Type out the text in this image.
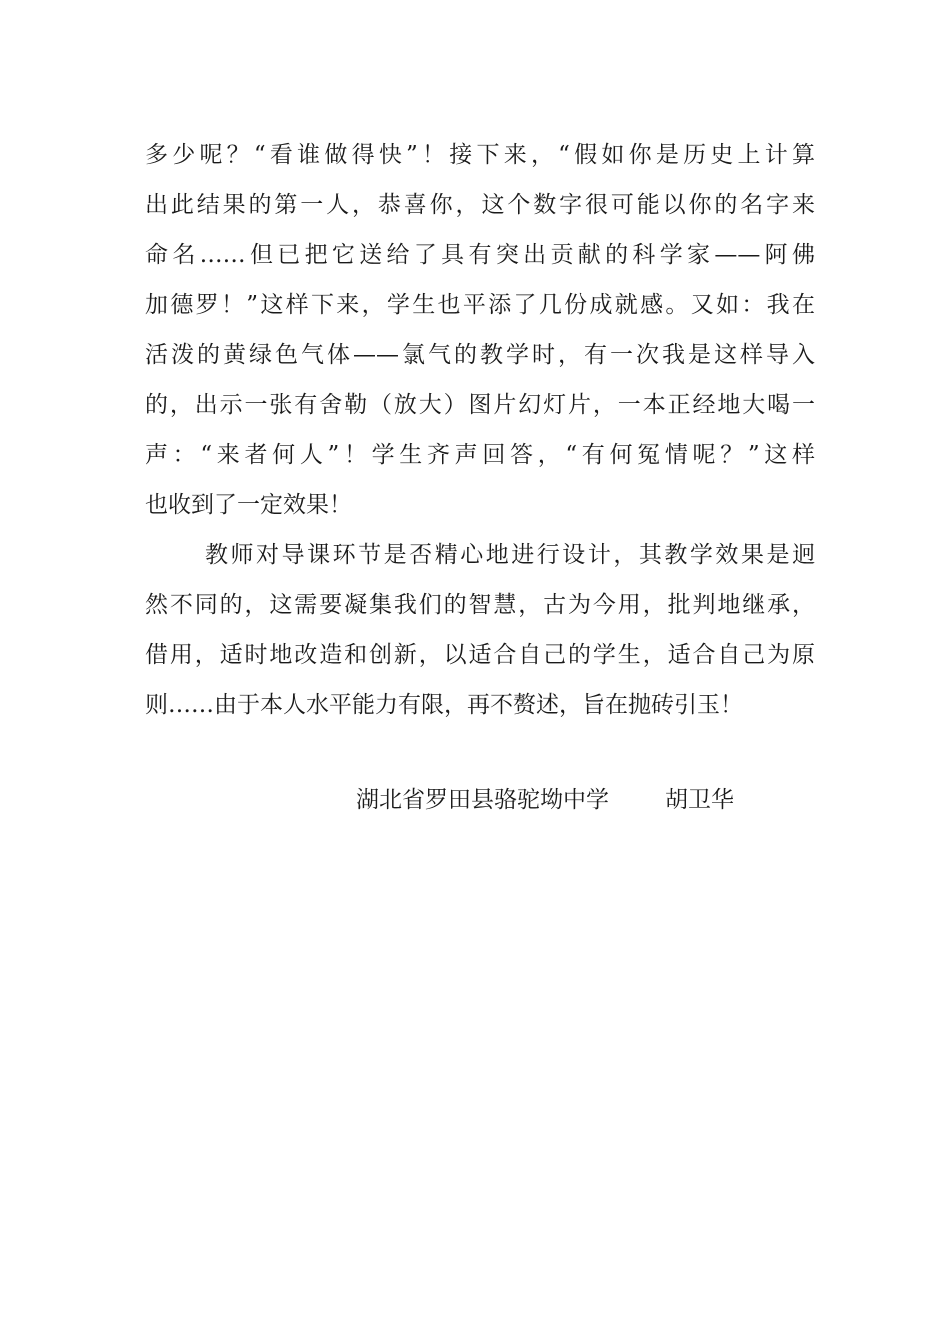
多少呢？“看谁做得快”！接下来，“假如你是历史上计算
出此结果的第一人，恭喜你，这个数字很可能以你的名字来
命名……但已把它送给了具有突出贡献的科学家——阿佛
加德罗！”这样下来，学生也平添了几份成就感。又如：我在
活泼的黄绿色气体——氯气的教学时，有一次我是这样导入
的，出示一张有舍勒（放大）图片幻灯片，一本正经地大喝一
声：“来者何人”！学生齐声回答，“有何冤情呢？”这样
也收到了一定效果！
教师对导课环节是否精心地进行设计，其教学效果是迥
然不同的，这需要凝集我们的智慧，古为今用，批判地继承，
借用，适时地改造和创新，以适合自己的学生，适合自己为原
则……由于本人水平能力有限，再不赘述，旨在抛砖引玉！
湖北省罗田县骆驼坳中学 胡卫华
